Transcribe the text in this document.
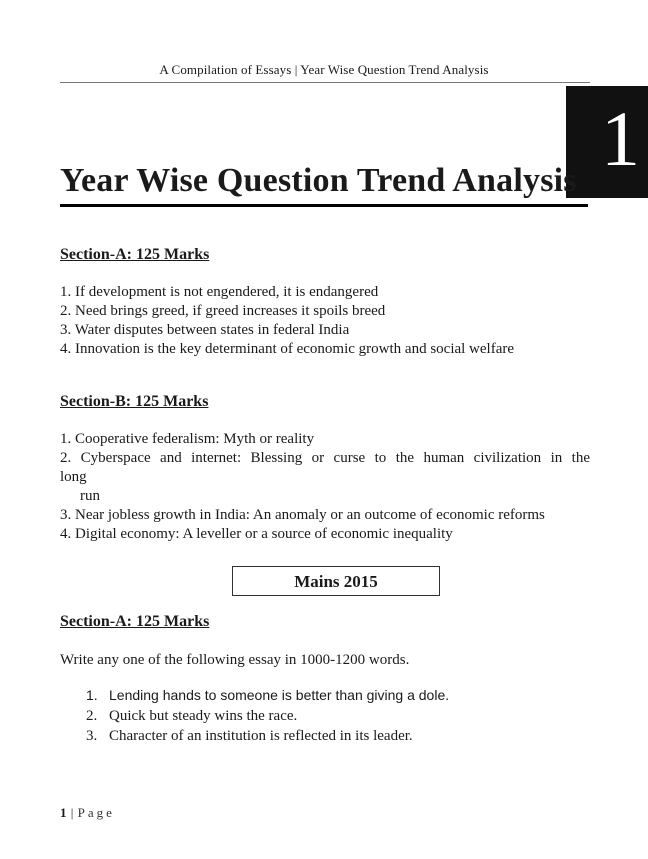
A Compilation of Essays | Year Wise Question Trend Analysis
1
Year Wise Question Trend Analysis
Section-A: 125 Marks
1. If development is not engendered, it is endangered
2. Need brings greed, if greed increases it spoils breed
3. Water disputes between states in federal India
4. Innovation is the key determinant of economic growth and social welfare
Section-B: 125 Marks
1. Cooperative federalism: Myth or reality
2. Cyberspace and internet: Blessing or curse to the human civilization in the
long
run
3. Near jobless growth in India: An anomaly or an outcome of economic reforms
4. Digital economy: A leveller or a source of economic inequality
Mains 2015
Section-A: 125 Marks
Write any one of the following essay in 1000-1200 words.
1. Lending hands to someone is better than giving a dole.
2. Quick but steady wins the race.
3. Character of an institution is reflected in its leader.
1 | Page
